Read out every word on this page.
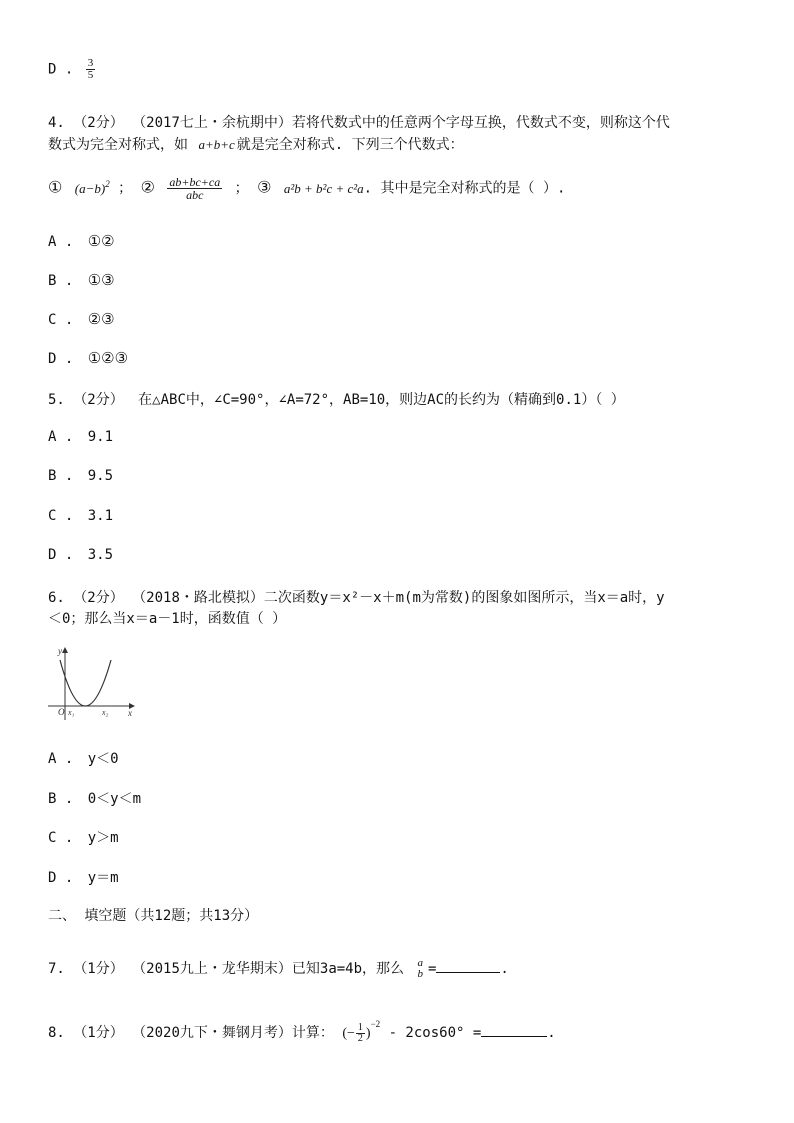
D . $\frac{3}{5}$
4. （2分） （2017七上・余杭期中）若将代数式中的任意两个字母互换，代数式不变，则称这个代
数式为完全对称式，如 a+b+c 就是完全对称式. 下列三个代数式：
① $(a-b)^2$ ； ② $\frac{ab+bc+ca}{\text{abc}}$ ； ③ a²b + b²c + c²a. 其中是完全对称式的是（ ）.
A . ①②
B . ①③
C . ②③
D . ①②③
5. （2分） 在△ABC中，∠C=90°，∠A=72°，AB=10，则边AC的长约为（精确到0.1）（ ）
A . 9.1
B . 9.5
C . 3.1
D . 3.5
6. （2分） （2018・路北模拟）二次函数y＝x²－x＋m(m为常数)的图象如图所示，当x＝a时，y
＜0；那么当x＝a－1时，函数值（ ）
y
x
O x₁	x₂
A . y＜0
B . 0＜y＜m
C . y＞m
D . y＝m
二、 填空题（共12题；共13分）
7. （1分） （2015九上・龙华期末）已知3a=4b，那么 a
b =	.
8. （1分） （2020九下・舞钢月考）计算： (− $\frac{1}{2} )^{-2} - 2\cos 60^\circ$ =	.
